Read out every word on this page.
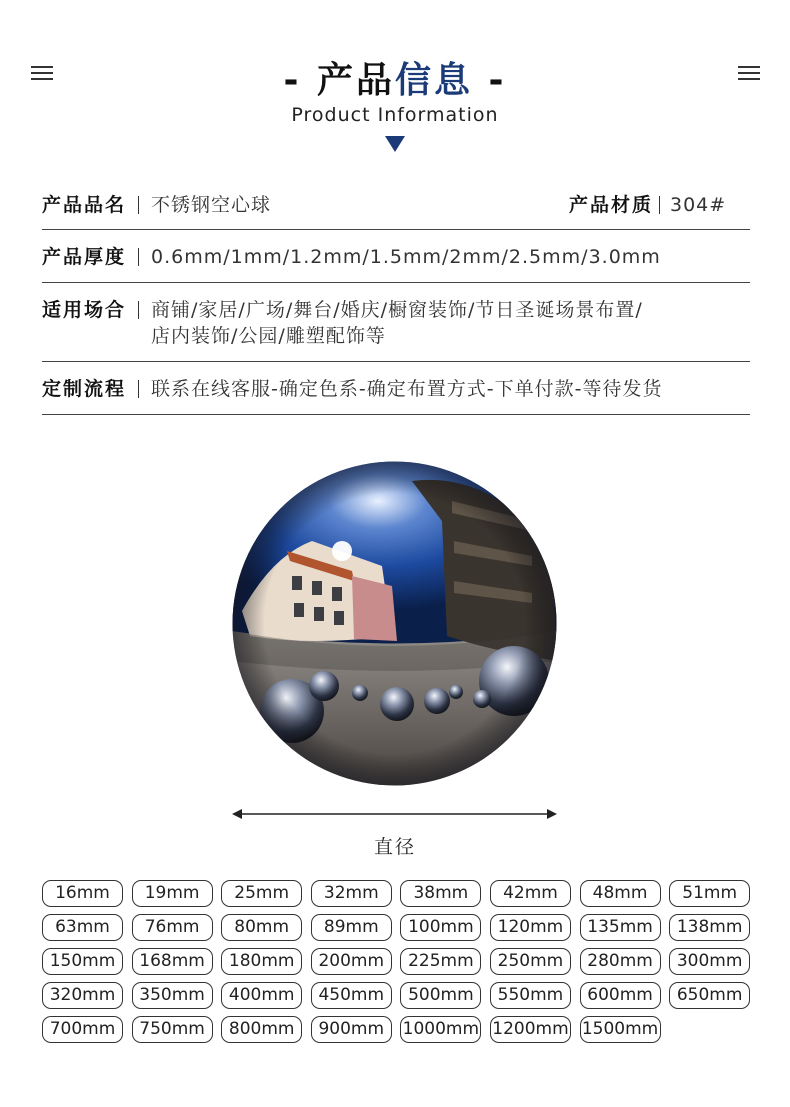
- 产品信息 -
Product Information
产品品名 不锈钢空心球	产品材质 304#
产品厚度 0.6mm/1mm/1.2mm/1.5mm/2mm/2.5mm/3.0mm
适用场合 商铺/家居/广场/舞台/婚庆/橱窗装饰/节日圣诞场景布置/
店内装饰/公园/雕塑配饰等
定制流程 联系在线客服-确定色系-确定布置方式-下单付款-等待发货
直径
16mm	19mm	25mm	32mm	38mm	42mm	48mm	51mm
63mm	76mm	80mm	89mm	100mm	120mm	135mm	138mm
150mm	168mm	180mm	200mm	225mm	250mm	280mm	300mm
320mm	350mm	400mm	450mm	500mm	550mm	600mm	650mm
700mm	750mm	800mm	900mm	1000mm 1200mm 1500mm
